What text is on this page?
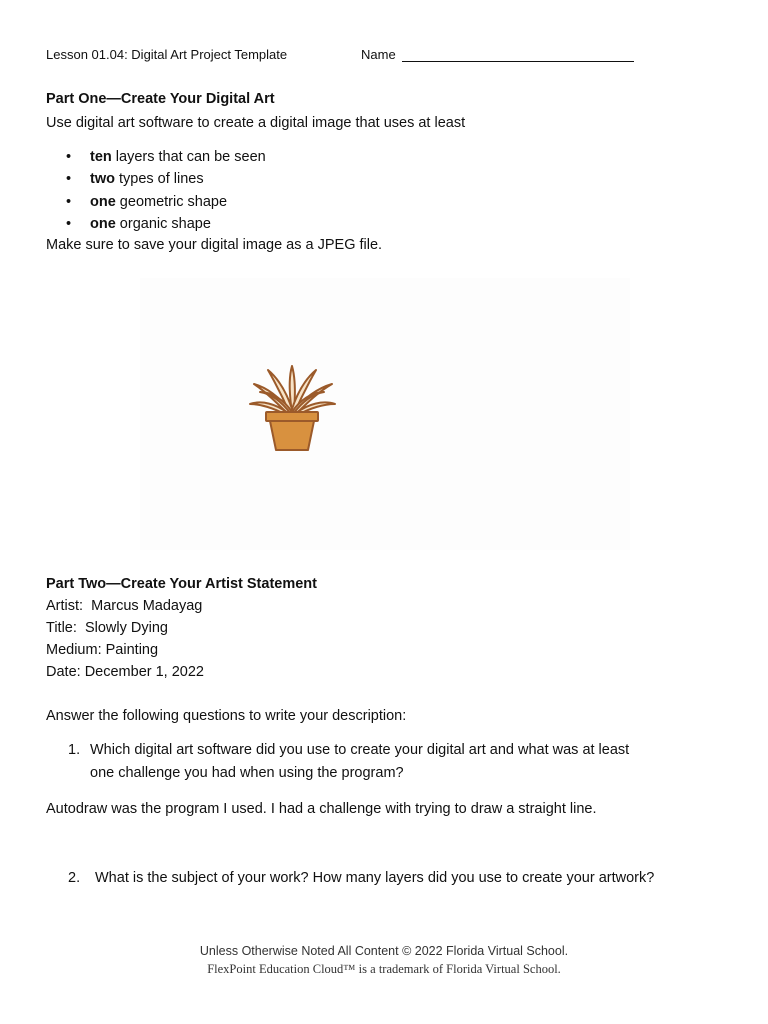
Lesson 01.04: Digital Art Project Template	Name
Part One—Create Your Digital Art
Use digital art software to create a digital image that uses at least
• ten layers that can be seen
• two types of lines
• one geometric shape
• one organic shape
Make sure to save your digital image as a JPEG file.
Part Two—Create Your Artist Statement
Artist: Marcus Madayag
Title: Slowly Dying
Medium: Painting
Date: December 1, 2022
Answer the following questions to write your description:
1. Which digital art software did you use to create your digital art and what was at least
one challenge you had when using the program?
Autodraw was the program I used. I had a challenge with trying to draw a straight line.
2. What is the subject of your work? How many layers did you use to create your artwork?
Unless Otherwise Noted All Content © 2022 Florida Virtual School.
FlexPoint Education Cloud™ is a trademark of Florida Virtual School.
